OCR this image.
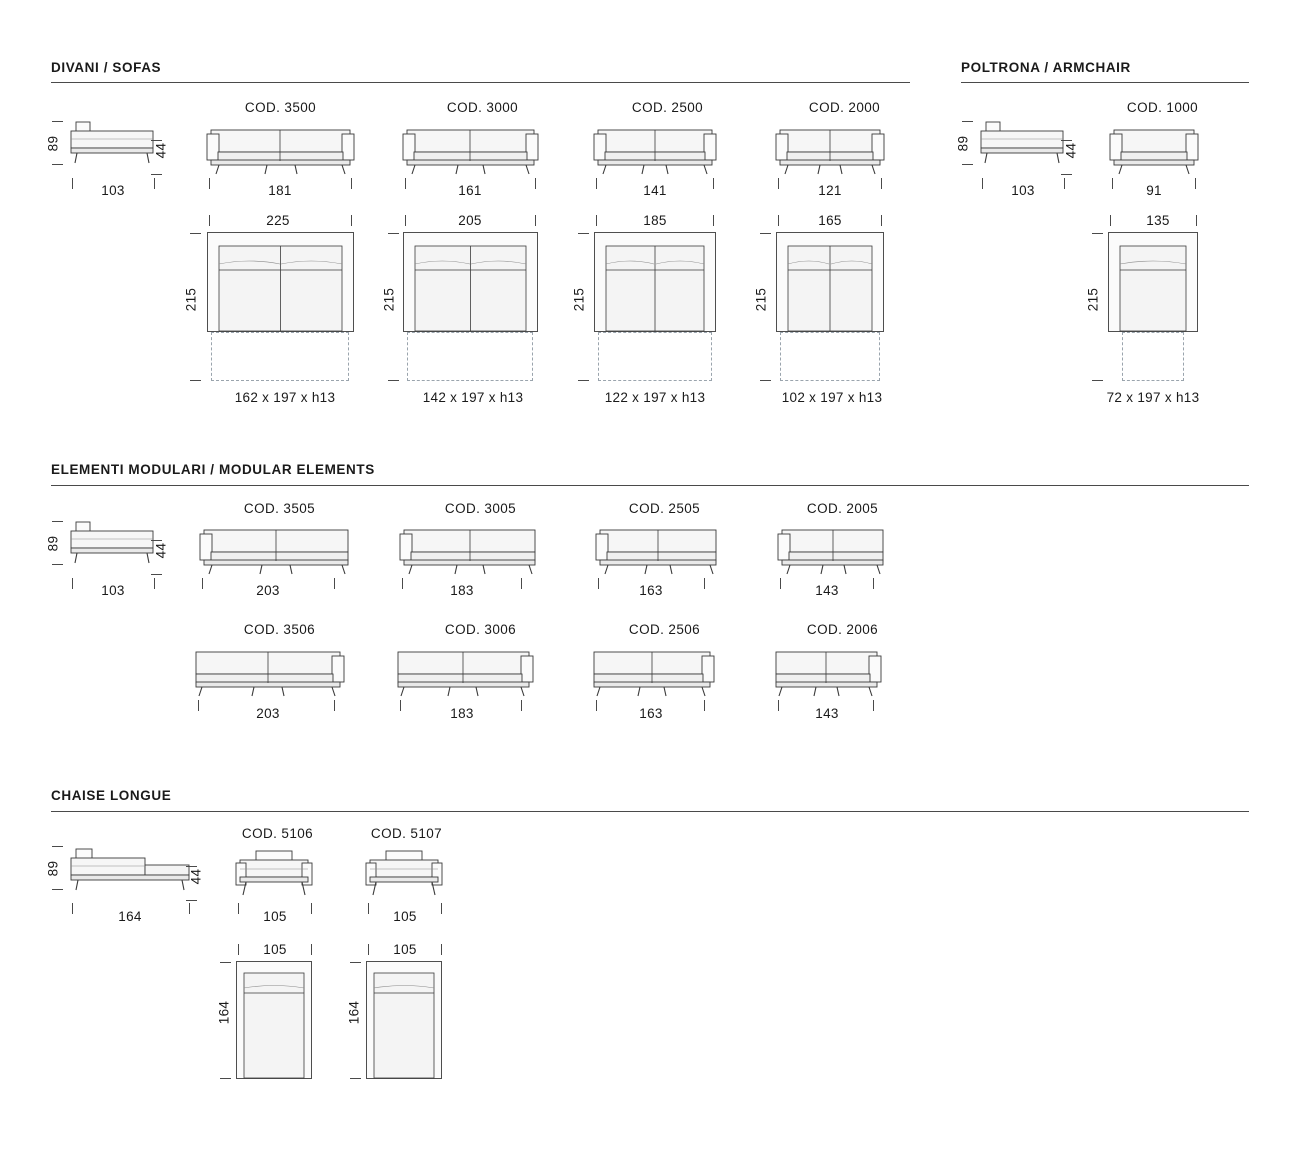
DIVANI / SOFAS	POLTRONA / ARMCHAIR
89	44
103
COD. 3500
181
COD. 3000
161
COD. 2500
141
COD. 2000
121
89	44
103
COD. 1000
91
225
215
162 x 197 x h13
205
215
142 x 197 x h13
185
215
122 x 197 x h13
165
215
102 x 197 x h13
135
215
72 x 197 x h13
ELEMENTI MODULARI / MODULAR ELEMENTS
89	44
103
COD. 3505
203
COD. 3005
183
COD. 2505
163
COD. 2005
143
COD. 3506
203
COD. 3006
183
COD. 2506
163
COD. 2006
143
CHAISE LONGUE
89
44
164
COD. 5106
105
COD. 5107
105
105
164
105
164
